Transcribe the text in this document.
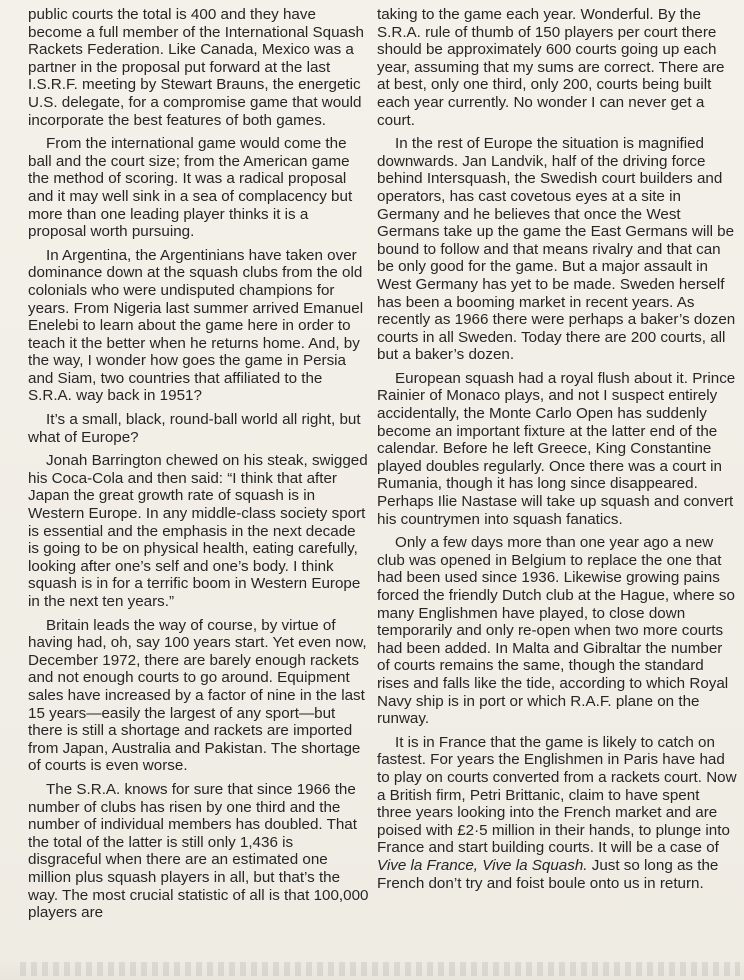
public courts the total is 400 and they have become a full member of the International Squash Rackets Federation. Like Canada, Mexico was a partner in the proposal put forward at the last I.S.R.F. meeting by Stewart Brauns, the energetic U.S. delegate, for a compromise game that would incorporate the best features of both games.

From the international game would come the ball and the court size; from the American game the method of scoring. It was a radical proposal and it may well sink in a sea of complacency but more than one leading player thinks it is a proposal worth pursuing.

In Argentina, the Argentinians have taken over dominance down at the squash clubs from the old colonials who were undisputed champions for years. From Nigeria last summer arrived Emanuel Enelebi to learn about the game here in order to teach it the better when he returns home. And, by the way, I wonder how goes the game in Persia and Siam, two countries that affiliated to the S.R.A. way back in 1951?

It’s a small, black, round-ball world all right, but what of Europe?

Jonah Barrington chewed on his steak, swigged his Coca-Cola and then said: “I think that after Japan the great growth rate of squash is in Western Europe. In any middle-class society sport is essential and the emphasis in the next decade is going to be on physical health, eating carefully, looking after one’s self and one’s body. I think squash is in for a terrific boom in Western Europe in the next ten years.”

Britain leads the way of course, by virtue of having had, oh, say 100 years start. Yet even now, December 1972, there are barely enough rackets and not enough courts to go around. Equipment sales have increased by a factor of nine in the last 15 years—easily the largest of any sport—but there is still a shortage and rackets are imported from Japan, Australia and Pakistan. The shortage of courts is even worse.

The S.R.A. knows for sure that since 1966 the number of clubs has risen by one third and the number of individual members has doubled. That the total of the latter is still only 1,436 is disgraceful when there are an estimated one million plus squash players in all, but that’s the way. The most crucial statistic of all is that 100,000 players are

taking to the game each year. Wonderful. By the S.R.A. rule of thumb of 150 players per court there should be approximately 600 courts going up each year, assuming that my sums are correct. There are at best, only one third, only 200, courts being built each year currently. No wonder I can never get a court.

In the rest of Europe the situation is magnified downwards. Jan Landvik, half of the driving force behind Intersquash, the Swedish court builders and operators, has cast covetous eyes at a site in Germany and he believes that once the West Germans take up the game the East Germans will be bound to follow and that means rivalry and that can be only good for the game. But a major assault in West Germany has yet to be made. Sweden herself has been a booming market in recent years. As recently as 1966 there were perhaps a baker’s dozen courts in all Sweden. Today there are 200 courts, all but a baker’s dozen.

European squash had a royal flush about it. Prince Rainier of Monaco plays, and not I suspect entirely accidentally, the Monte Carlo Open has suddenly become an important fixture at the latter end of the calendar. Before he left Greece, King Constantine played doubles regularly. Once there was a court in Rumania, though it has long since disappeared. Perhaps Ilie Nastase will take up squash and convert his countrymen into squash fanatics.

Only a few days more than one year ago a new club was opened in Belgium to replace the one that had been used since 1936. Likewise growing pains forced the friendly Dutch club at the Hague, where so many Englishmen have played, to close down temporarily and only re-open when two more courts had been added. In Malta and Gibraltar the number of courts remains the same, though the standard rises and falls like the tide, according to which Royal Navy ship is in port or which R.A.F. plane on the runway.

It is in France that the game is likely to catch on fastest. For years the Englishmen in Paris have had to play on courts converted from a rackets court. Now a British firm, Petri Brittanic, claim to have spent three years looking into the French market and are poised with £2·5 million in their hands, to plunge into France and start building courts. It will be a case of Vive la France, Vive la Squash. Just so long as the French don’t try and foist boule onto us in return.
